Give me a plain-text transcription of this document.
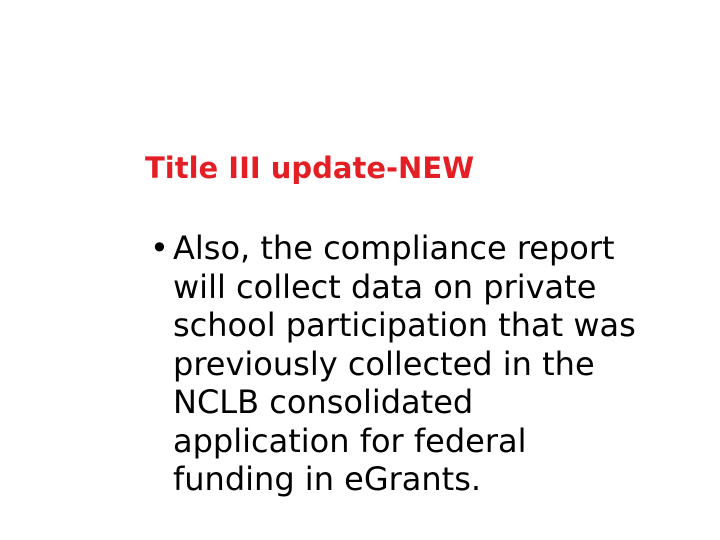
Title III update-NEW
• Also, the compliance report
will collect data on private
school participation that was
previously collected in the
NCLB consolidated
application for federal
funding in eGrants.
